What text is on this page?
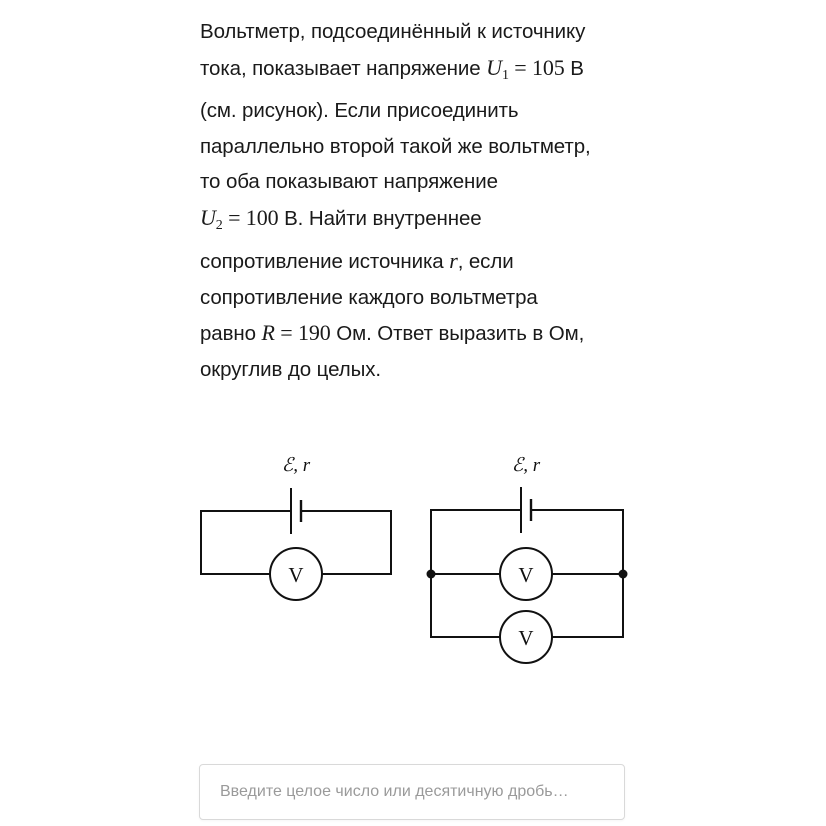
Вольтметр, подсоединённый к источнику
тока, показывает напряжение $U_1 = 105$ В
(см. рисунок). Если присоединить
параллельно второй такой же вольтметр,
то оба показывают напряжение
$U_2 = 100$ В. Найти внутреннее
сопротивление источника r, если
сопротивление каждого вольтметра
равно R = 190 Ом. Ответ выразить в Ом,
округлив до целых.
ℰ, r	ℰ, r
V	V
V
Введите целое число или десятичную дробь…
